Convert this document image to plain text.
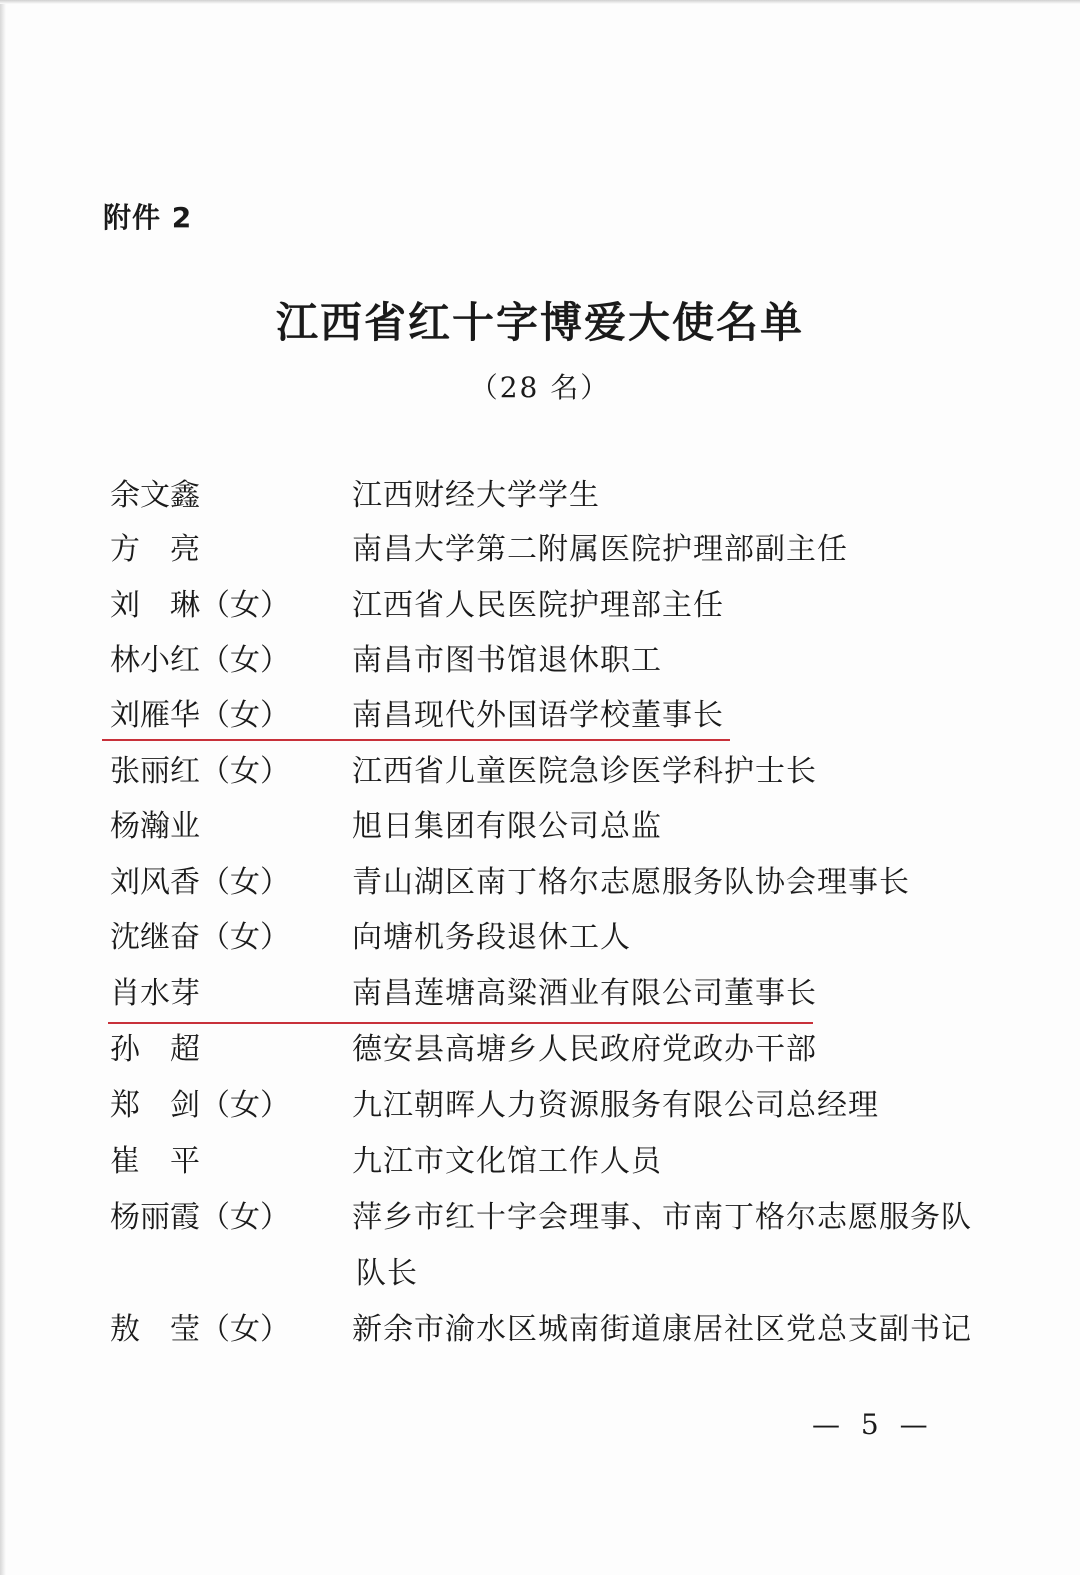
附件 2
江西省红十字博爱大使名单
（28 名）
余文鑫	江西财经大学学生
方　亮	南昌大学第二附属医院护理部副主任
刘　琳（女）	江西省人民医院护理部主任
林小红（女）	南昌市图书馆退休职工
刘雁华（女）	南昌现代外国语学校董事长
张丽红（女）	江西省儿童医院急诊医学科护士长
杨瀚业	旭日集团有限公司总监
刘风香（女）	青山湖区南丁格尔志愿服务队协会理事长
沈继奋（女）	向塘机务段退休工人
肖水芽	南昌莲塘高粱酒业有限公司董事长
孙　超	德安县高塘乡人民政府党政办干部
郑　剑（女）	九江朝晖人力资源服务有限公司总经理
崔　平	九江市文化馆工作人员
杨丽霞（女）	萍乡市红十字会理事、市南丁格尔志愿服务队
队长
敖　莹（女）	新余市渝水区城南街道康居社区党总支副书记
— 5 —
